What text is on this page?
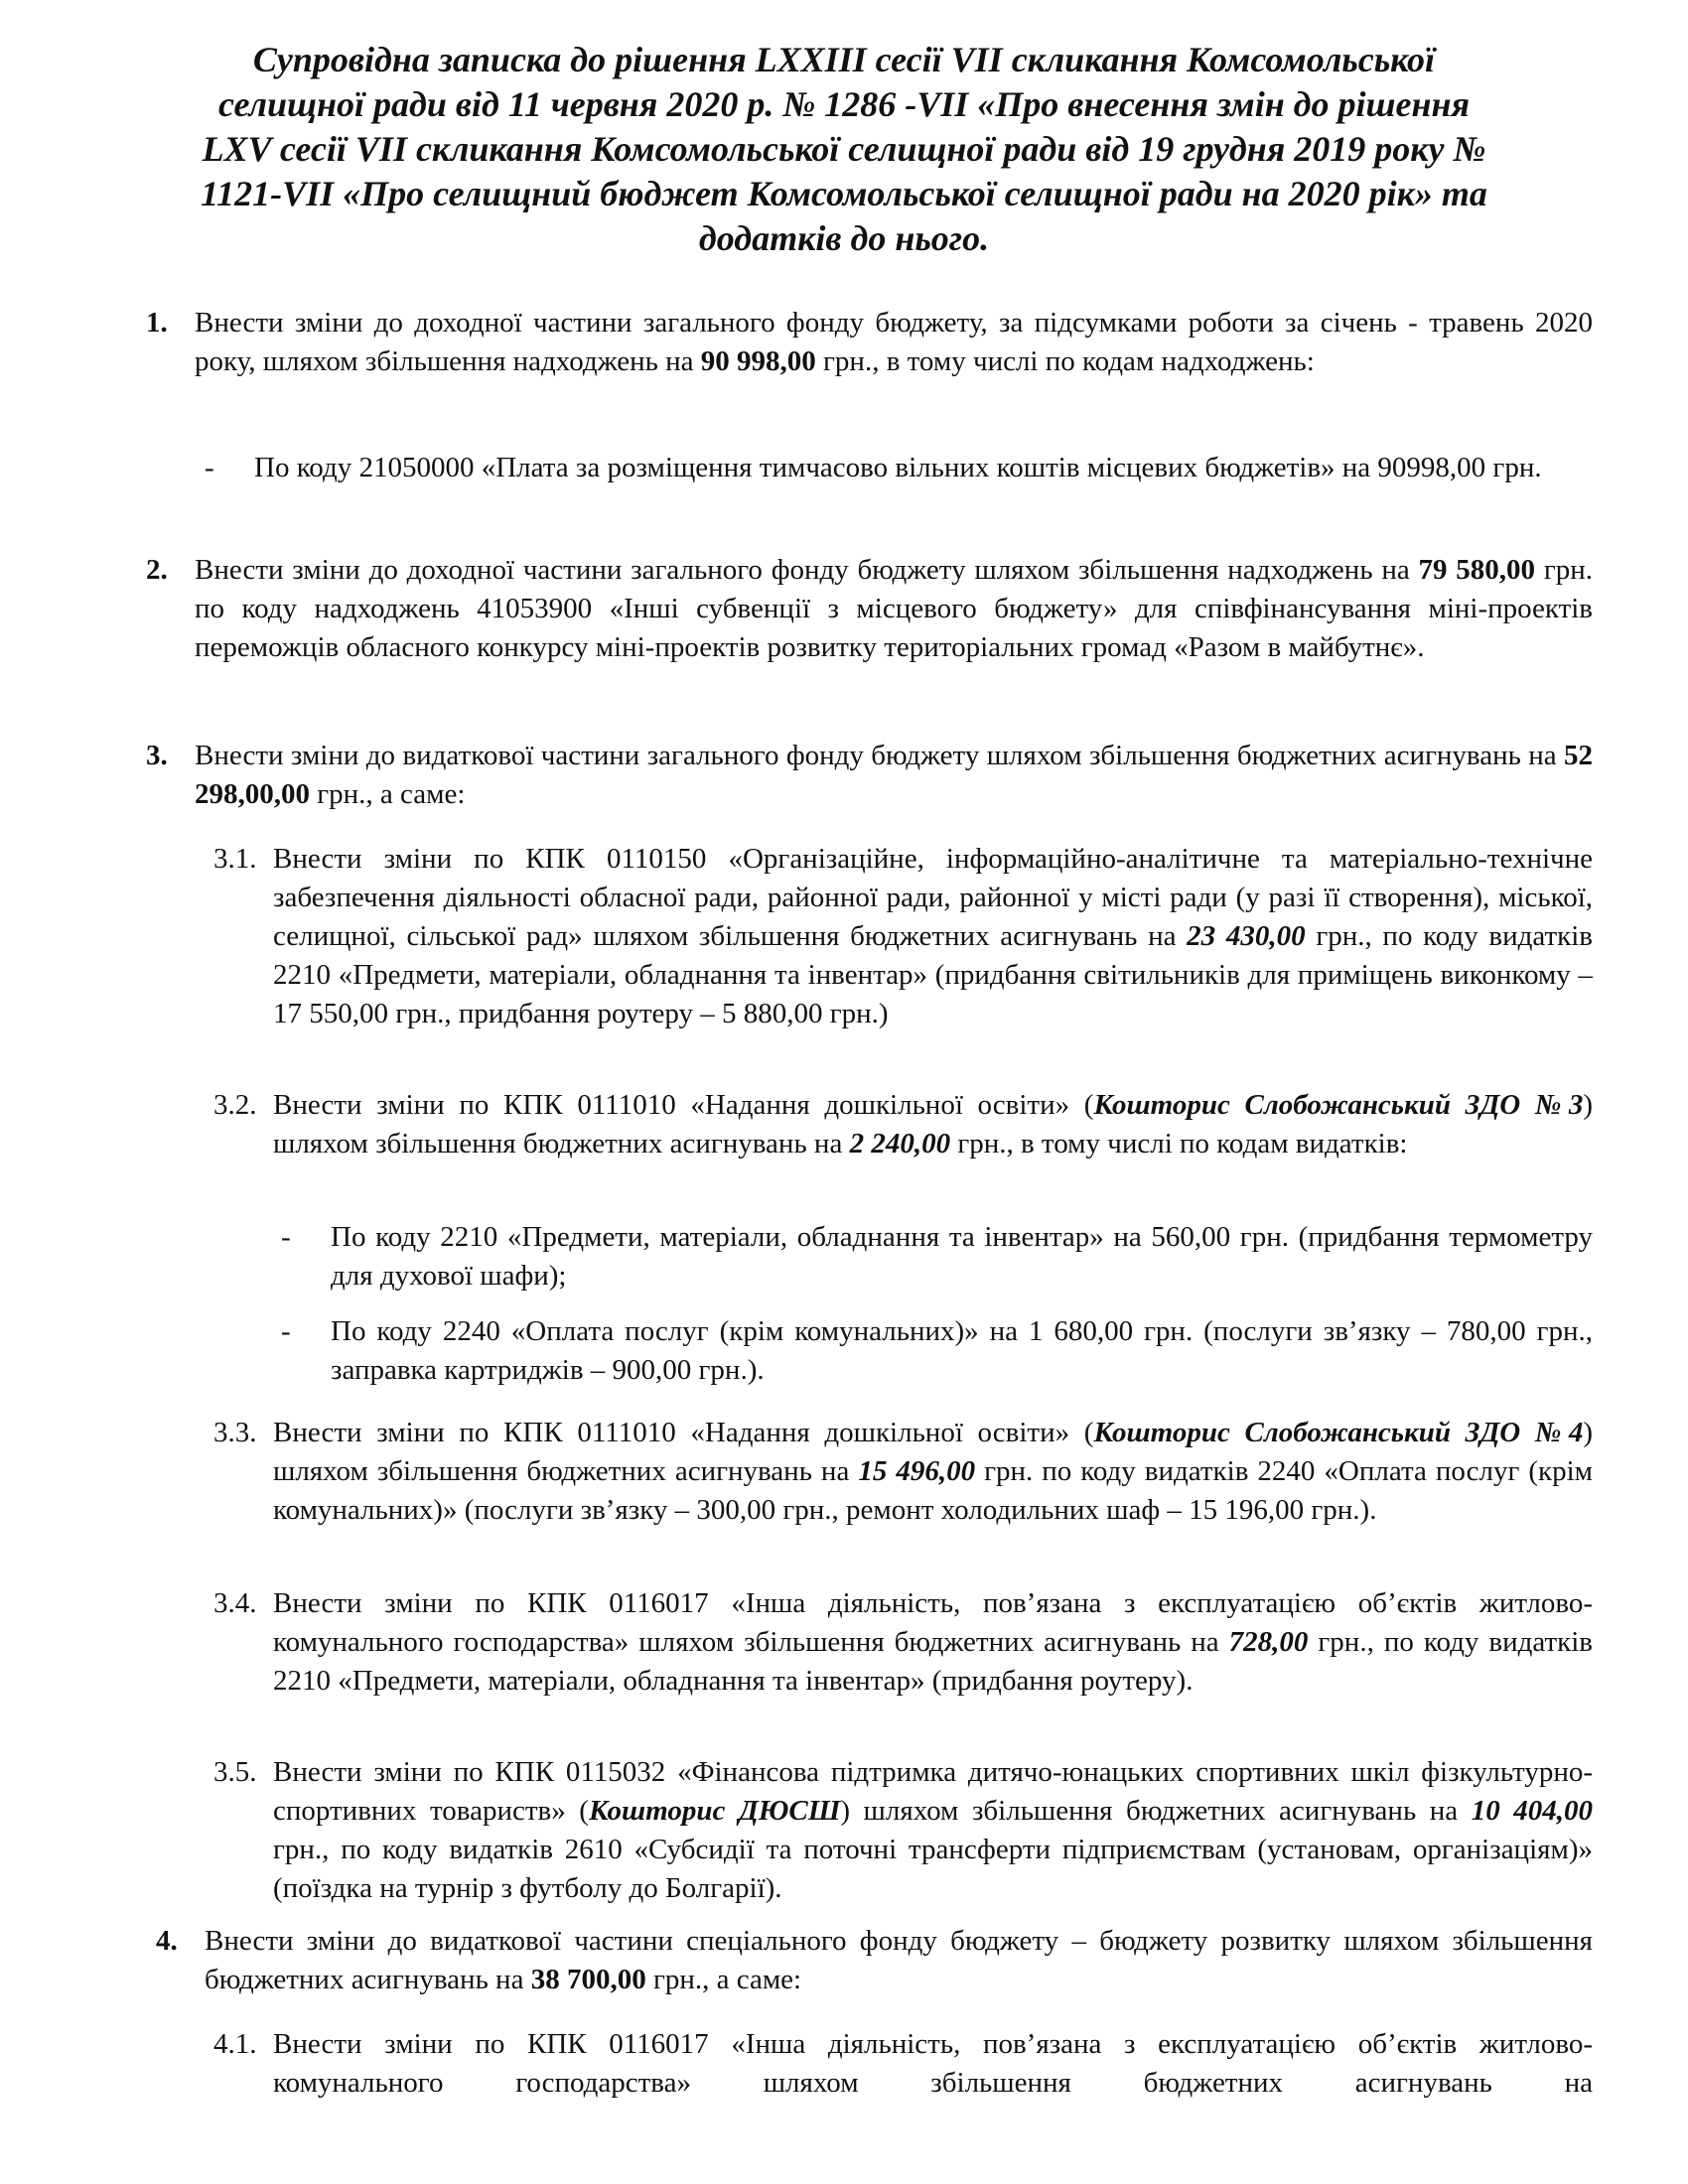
Супровідна записка до рішення LXXIII сесії VII скликання Комсомольської селищної ради від 11 червня 2020 р. № 1286 -VII «Про внесення змін до рішення LXV сесії VII скликання Комсомольської селищної ради від 19 грудня 2019 року № 1121-VII «Про селищний бюджет Комсомольської селищної ради на 2020 рік» та додатків до нього.
1. Внести зміни до доходної частини загального фонду бюджету, за підсумками роботи за січень - травень 2020 року, шляхом збільшення надходжень на 90 998,00 грн., в тому числі по кодам надходжень:
- По коду 21050000 «Плата за розміщення тимчасово вільних коштів місцевих бюджетів» на 90998,00 грн.
2. Внести зміни до доходної частини загального фонду бюджету шляхом збільшення надходжень на 79 580,00 грн. по коду надходжень 41053900 «Інші субвенції з місцевого бюджету» для співфінансування міні-проектів переможців обласного конкурсу міні-проектів розвитку територіальних громад «Разом в майбутнє».
3. Внести зміни до видаткової частини загального фонду бюджету шляхом збільшення бюджетних асигнувань на 52 298,00,00 грн., а саме:
3.1. Внести зміни по КПК 0110150 «Організаційне, інформаційно-аналітичне та матеріально-технічне забезпечення діяльності обласної ради, районної ради, районної у місті ради (у разі її створення), міської, селищної, сільської рад» шляхом збільшення бюджетних асигнувань на 23 430,00 грн., по коду видатків 2210 «Предмети, матеріали, обладнання та інвентар» (придбання світильників для приміщень виконкому – 17 550,00 грн., придбання роутеру – 5 880,00 грн.)
3.2. Внести зміни по КПК 0111010 «Надання дошкільної освіти» (Кошторис Слобожанський ЗДО №3) шляхом збільшення бюджетних асигнувань на 2 240,00 грн., в тому числі по кодам видатків:
- По коду 2210 «Предмети, матеріали, обладнання та інвентар» на 560,00 грн. (придбання термометру для духової шафи);
- По коду 2240 «Оплата послуг (крім комунальних)» на 1 680,00 грн. (послуги зв’язку – 780,00 грн., заправка картриджів – 900,00 грн.).
3.3. Внести зміни по КПК 0111010 «Надання дошкільної освіти» (Кошторис Слобожанський ЗДО №4) шляхом збільшення бюджетних асигнувань на 15 496,00 грн. по коду видатків 2240 «Оплата послуг (крім комунальних)» (послуги зв’язку – 300,00 грн., ремонт холодильних шаф – 15 196,00 грн.).
3.4. Внести зміни по КПК 0116017 «Інша діяльність, пов’язана з експлуатацією об’єктів житлово-комунального господарства» шляхом збільшення бюджетних асигнувань на 728,00 грн., по коду видатків 2210 «Предмети, матеріали, обладнання та інвентар» (придбання роутеру).
3.5. Внести зміни по КПК 0115032 «Фінансова підтримка дитячо-юнацьких спортивних шкіл фізкультурно-спортивних товариств» (Кошторис ДЮСШ) шляхом збільшення бюджетних асигнувань на 10 404,00 грн., по коду видатків 2610 «Субсидії та поточні трансферти підприємствам (установам, організаціям)» (поїздка на турнір з футболу до Болгарії).
4. Внести зміни до видаткової частини спеціального фонду бюджету – бюджету розвитку шляхом збільшення бюджетних асигнувань на 38 700,00 грн., а саме:
4.1. Внести зміни по КПК 0116017 «Інша діяльність, пов’язана з експлуатацією об’єктів житлово-комунального господарства» шляхом збільшення бюджетних асигнувань на
